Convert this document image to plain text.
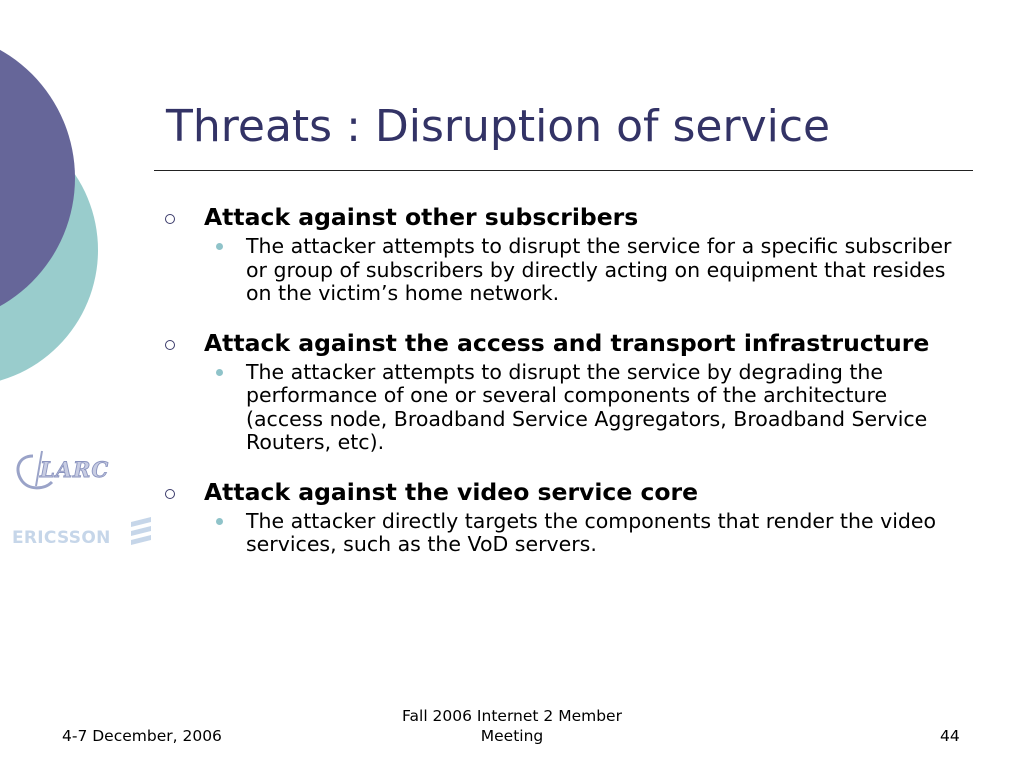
LARC
ERICSSON
Threats : Disruption of service
Attack against other subscribers
The attacker attempts to disrupt the service for a specific subscriber or group of subscribers by directly acting on equipment that resides on the victim’s home network.
Attack against the access and transport infrastructure
The attacker attempts to disrupt the service by degrading the performance of one or several components of the architecture (access node, Broadband Service Aggregators, Broadband Service Routers, etc).
Attack against the video service core
The attacker directly targets the components that render the video services, such as the VoD servers.
4-7 December, 2006
Fall 2006 Internet 2 Member Meeting	44
